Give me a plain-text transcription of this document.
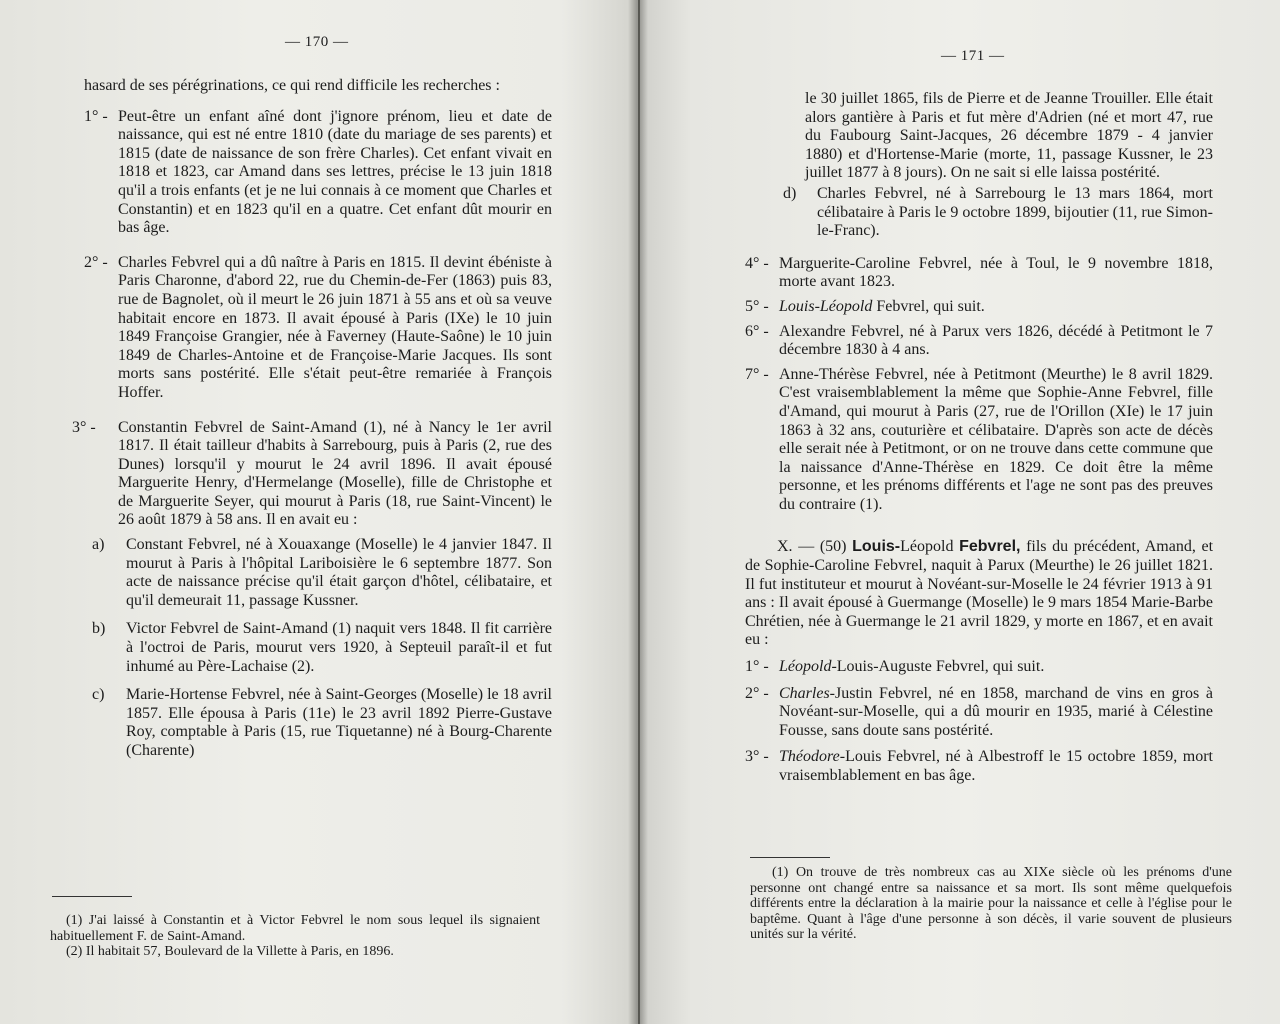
— 170 —

hasard de ses pérégrinations, ce qui rend difficile les recherches :

1° - Peut-être un enfant aîné dont j'ignore prénom, lieu et date de naissance, qui est né entre 1810 (date du mariage de ses parents) et 1815 (date de naissance de son frère Charles). Cet enfant vivait en 1818 et 1823, car Amand dans ses lettres, précise le 13 juin 1818 qu'il a trois enfants (et je ne lui connais à ce moment que Charles et Constantin) et en 1823 qu'il en a quatre. Cet enfant dût mourir en bas âge.
2° - Charles Febvrel qui a dû naître à Paris en 1815. Il devint ébéniste à Paris Charonne, d'abord 22, rue du Chemin-de-Fer (1863) puis 83, rue de Bagnolet, où il meurt le 26 juin 1871 à 55 ans et où sa veuve habitait encore en 1873. Il avait épousé à Paris (IXe) le 10 juin 1849 Françoise Grangier, née à Faverney (Haute-Saône) le 10 juin 1849 de Charles-Antoine et de Françoise-Marie Jacques. Ils sont morts sans postérité. Elle s'était peut-être remariée à François Hoffer.
3° - Constantin Febvrel de Saint-Amand (1), né à Nancy le 1er avril 1817. Il était tailleur d'habits à Sarrebourg, puis à Paris (2, rue des Dunes) lorsqu'il y mourut le 24 avril 1896. Il avait épousé Marguerite Henry, d'Hermelange (Moselle), fille de Christophe et de Marguerite Seyer, qui mourut à Paris (18, rue Saint-Vincent) le 26 août 1879 à 58 ans. Il en avait eu :
a) Constant Febvrel, né à Xouaxange (Moselle) le 4 janvier 1847. Il mourut à Paris à l'hôpital Lariboisière le 6 septembre 1877. Son acte de naissance précise qu'il était garçon d'hôtel, célibataire, et qu'il demeurait 11, passage Kussner.
b) Victor Febvrel de Saint-Amand (1) naquit vers 1848. Il fit carrière à l'octroi de Paris, mourut vers 1920, à Septeuil paraît-il et fut inhumé au Père-Lachaise (2).
c) Marie-Hortense Febvrel, née à Saint-Georges (Moselle) le 18 avril 1857. Elle épousa à Paris (11e) le 23 avril 1892 Pierre-Gustave Roy, comptable à Paris (15, rue Tiquetanne) né à Bourg-Charente (Charente)

(1) J'ai laissé à Constantin et à Victor Febvrel le nom sous lequel ils signaient habituellement F. de Saint-Amand.

(2) Il habitait 57, Boulevard de la Villette à Paris, en 1896.

— 171 —

le 30 juillet 1865, fils de Pierre et de Jeanne Trouiller. Elle était alors gantière à Paris et fut mère d'Adrien (né et mort 47, rue du Faubourg Saint-Jacques, 26 décembre 1879 - 4 janvier 1880) et d'Hortense-Marie (morte, 11, passage Kussner, le 23 juillet 1877 à 8 jours). On ne sait si elle laissa postérité.

d) Charles Febvrel, né à Sarrebourg le 13 mars 1864, mort célibataire à Paris le 9 octobre 1899, bijoutier (11, rue Simon-le-Franc).
4° - Marguerite-Caroline Febvrel, née à Toul, le 9 novembre 1818, morte avant 1823.
5° - Louis-Léopold Febvrel, qui suit.
6° - Alexandre Febvrel, né à Parux vers 1826, décédé à Petitmont le 7 décembre 1830 à 4 ans.
7° - Anne-Thérèse Febvrel, née à Petitmont (Meurthe) le 8 avril 1829. C'est vraisemblablement la même que Sophie-Anne Febvrel, fille d'Amand, qui mourut à Paris (27, rue de l'Orillon (XIe) le 17 juin 1863 à 32 ans, couturière et célibataire. D'après son acte de décès elle serait née à Petitmont, or on ne trouve dans cette commune que la naissance d'Anne-Thérèse en 1829. Ce doit être la même personne, et les prénoms différents et l'age ne sont pas des preuves du contraire (1).

X. — (50) Louis-Léopold Febvrel, fils du précédent, Amand, et de Sophie-Caroline Febvrel, naquit à Parux (Meurthe) le 26 juillet 1821. Il fut instituteur et mourut à Novéant-sur-Moselle le 24 février 1913 à 91 ans : Il avait épousé à Guermange (Moselle) le 9 mars 1854 Marie-Barbe Chrétien, née à Guermange le 21 avril 1829, y morte en 1867, et en avait eu :

1° - Léopold-Louis-Auguste Febvrel, qui suit.
2° - Charles-Justin Febvrel, né en 1858, marchand de vins en gros à Novéant-sur-Moselle, qui a dû mourir en 1935, marié à Célestine Fousse, sans doute sans postérité.
3° - Théodore-Louis Febvrel, né à Albestroff le 15 octobre 1859, mort vraisemblablement en bas âge.

(1) On trouve de très nombreux cas au XIXe siècle où les prénoms d'une personne ont changé entre sa naissance et sa mort. Ils sont même quelquefois différents entre la déclaration à la mairie pour la naissance et celle à l'église pour le baptême. Quant à l'âge d'une personne à son décès, il varie souvent de plusieurs unités sur la vérité.
